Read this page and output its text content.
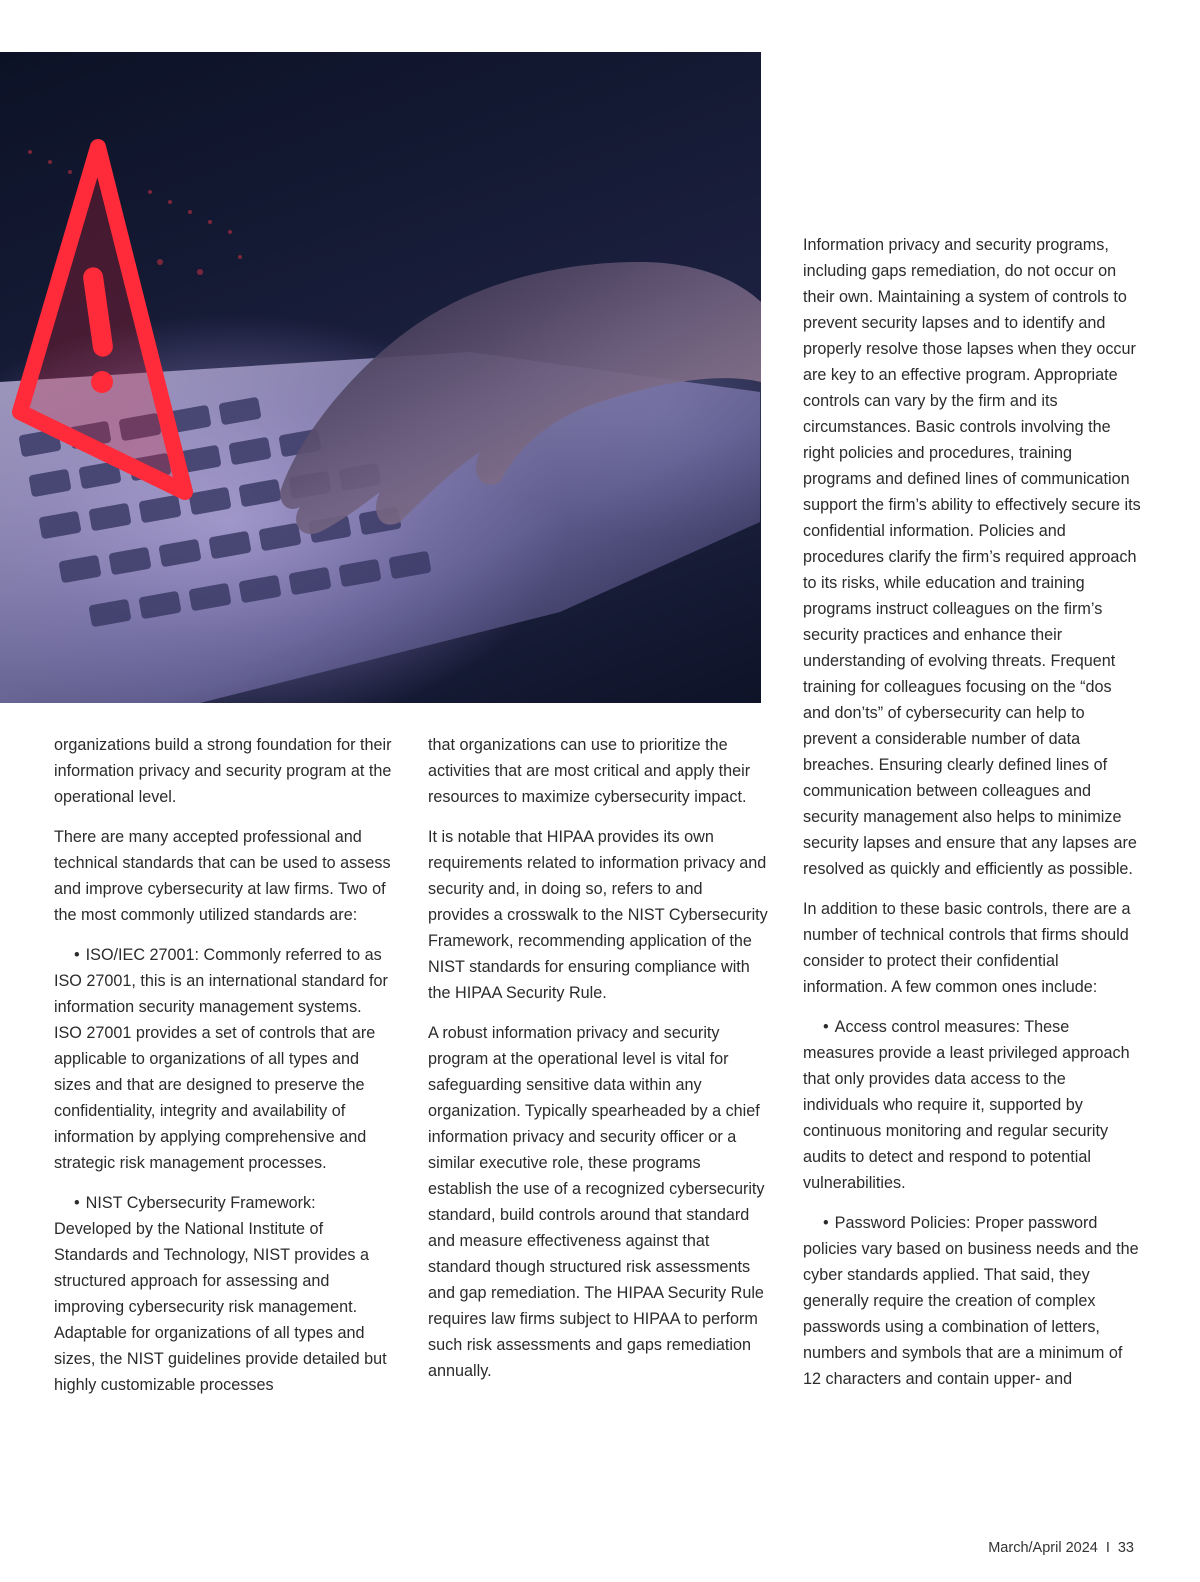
organizations build a strong foundation for their information privacy and security program at the operational level.

There are many accepted professional and technical standards that can be used to assess and improve cybersecurity at law firms. Two of the most commonly utilized standards are:

• ISO/IEC 27001: Commonly referred to as ISO 27001, this is an international standard for information security management systems. ISO 27001 provides a set of controls that are applicable to organizations of all types and sizes and that are designed to preserve the confidentiality, integrity and availability of information by applying comprehensive and strategic risk management processes.

• NIST Cybersecurity Framework: Developed by the National Institute of Standards and Technology, NIST provides a structured approach for assessing and improving cybersecurity risk management. Adaptable for organizations of all types and sizes, the NIST guidelines provide detailed but highly customizable processes

that organizations can use to prioritize the activities that are most critical and apply their resources to maximize cybersecurity impact.

It is notable that HIPAA provides its own requirements related to information privacy and security and, in doing so, refers to and provides a crosswalk to the NIST Cybersecurity Framework, recommending application of the NIST standards for ensuring compliance with the HIPAA Security Rule.

A robust information privacy and security program at the operational level is vital for safeguarding sensitive data within any organization. Typically spearheaded by a chief information privacy and security officer or a similar executive role, these programs establish the use of a recognized cybersecurity standard, build controls around that standard and measure effectiveness against that standard though structured risk assessments and gap remediation. The HIPAA Security Rule requires law firms subject to HIPAA to perform such risk assessments and gaps remediation annually.

Information privacy and security programs, including gaps remediation, do not occur on their own. Maintaining a system of controls to prevent security lapses and to identify and properly resolve those lapses when they occur are key to an effective program. Appropriate controls can vary by the firm and its circumstances. Basic controls involving the right policies and procedures, training programs and defined lines of communication support the firm’s ability to effectively secure its confidential information. Policies and procedures clarify the firm’s required approach to its risks, while education and training programs instruct colleagues on the firm’s security practices and enhance their understanding of evolving threats. Frequent training for colleagues focusing on the “dos and don’ts” of cybersecurity can help to prevent a considerable number of data breaches. Ensuring clearly defined lines of communication between colleagues and security management also helps to minimize security lapses and ensure that any lapses are resolved as quickly and efficiently as possible.

In addition to these basic controls, there are a number of technical controls that firms should consider to protect their confidential information. A few common ones include:

• Access control measures: These measures provide a least privileged approach that only provides data access to the individuals who require it, supported by continuous monitoring and regular security audits to detect and respond to potential vulnerabilities.

• Password Policies: Proper password policies vary based on business needs and the cyber standards applied. That said, they generally require the creation of complex passwords using a combination of letters, numbers and symbols that are a minimum of 12 characters and contain upper- and

March/April 2024 I 33
